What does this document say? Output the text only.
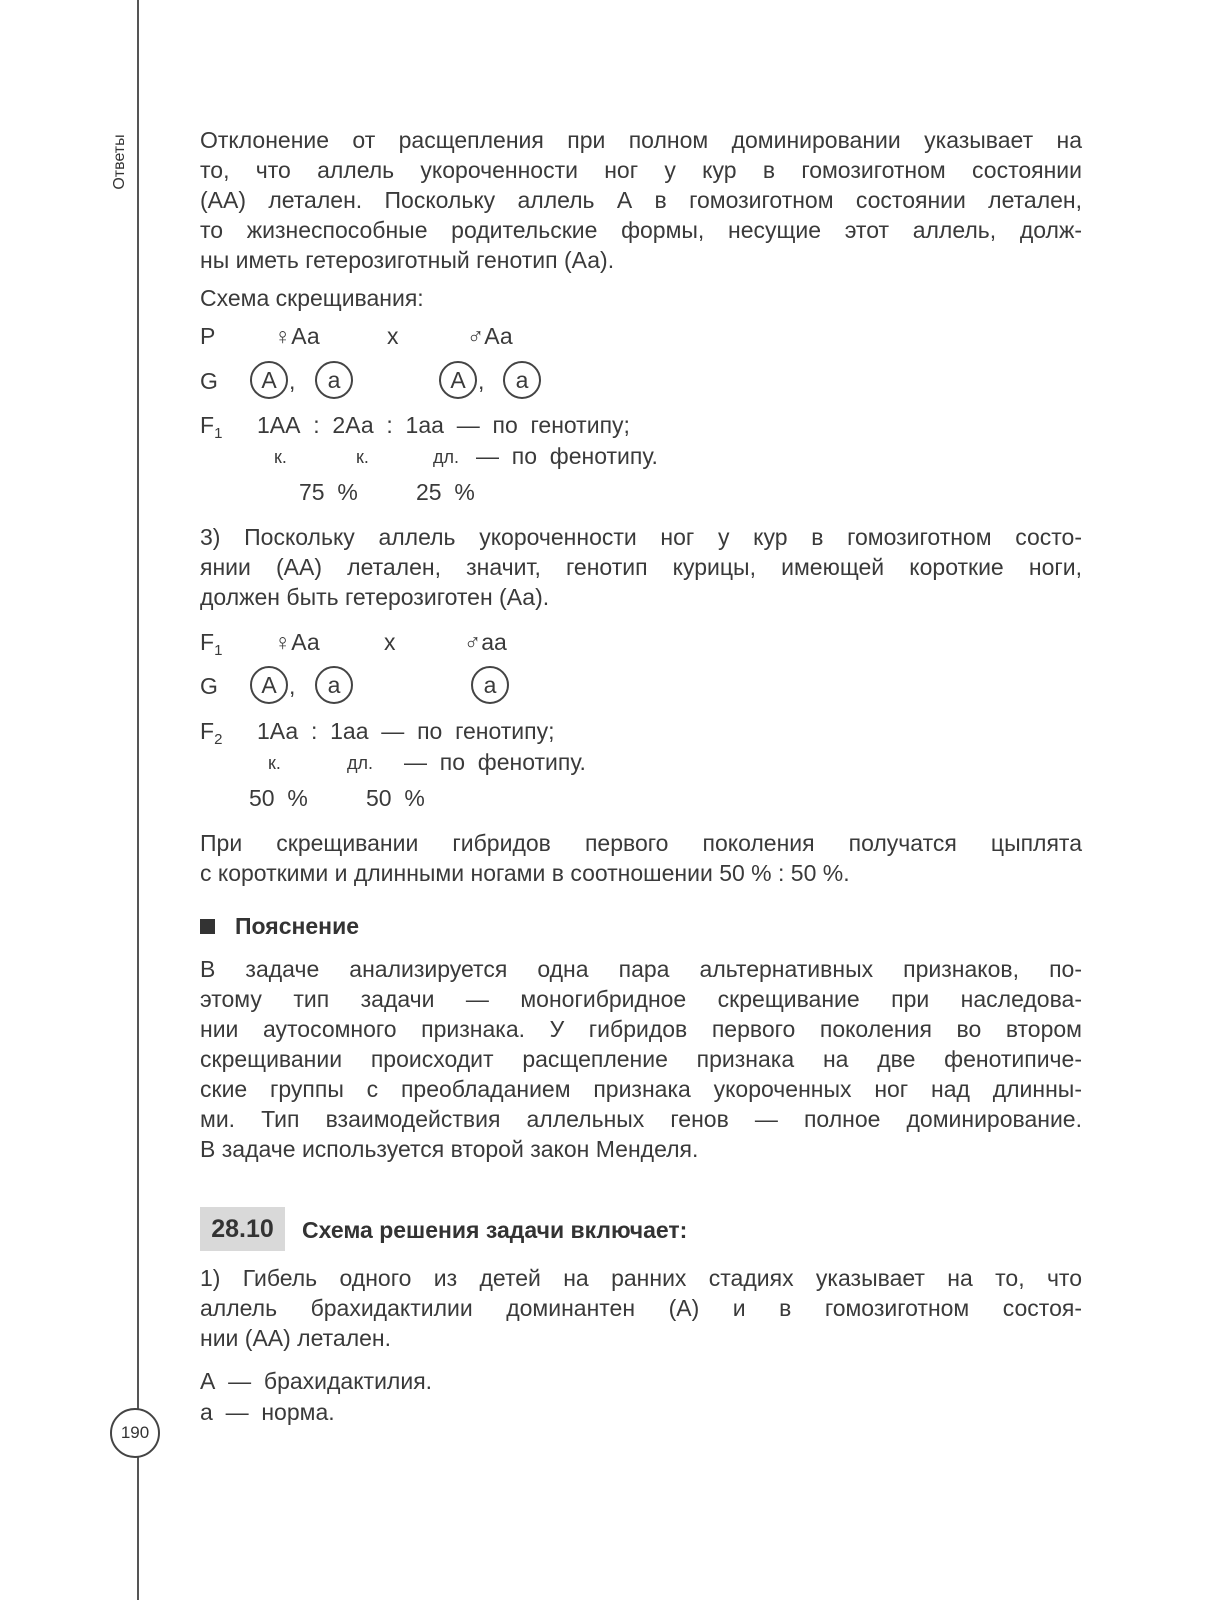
Ответы
190
Отклонение от расщепления при полном доминировании указывает на
то, что аллель укороченности ног у кур в гомозиготном состоянии
(АА) летален. Поскольку аллель А в гомозиготном состоянии летален,
то жизнеспособные родительские формы, несущие этот аллель, долж-
ны иметь гетерозиготный генотип (Аа).
Схема скрещивания:
P	♀Аа	х	♂Аа
G	А ,	а	А ,	а
$F_1$ 1АА  :  2Аа  :  1аа  —  по  генотипу;
к.	к.	дл. —  по  фенотипу.
75  %	25  %
3) Поскольку аллель укороченности ног у кур в гомозиготном состо-
янии (АА) летален, значит, генотип курицы, имеющей короткие ноги,
должен быть гетерозиготен (Аа).
$F_1$ ♀Аа	х	♂аа
G	А ,	а	а
$F_2$ 1Аа  :  1аа  —  по  генотипу;
к.	дл. —  по  фенотипу.
50  %	50  %
При скрещивании гибридов первого поколения получатся цыплята
с короткими и длинными ногами в соотношении 50 % : 50 %.
Пояснение
В задаче анализируется одна пара альтернативных признаков, по-
этому тип задачи — моногибридное скрещивание при наследова-
нии аутосомного признака. У гибридов первого поколения во втором
скрещивании происходит расщепление признака на две фенотипиче-
ские группы с преобладанием признака укороченных ног над длинны-
ми. Тип взаимодействия аллельных генов — полное доминирование.
В задаче используется второй закон Менделя.
28.10	Схема решения задачи включает:
1) Гибель одного из детей на ранних стадиях указывает на то, что
аллель брахидактилии доминантен (А) и в гомозиготном состоя-
нии (АА) летален.
А  —  брахидактилия.
а  —  норма.
